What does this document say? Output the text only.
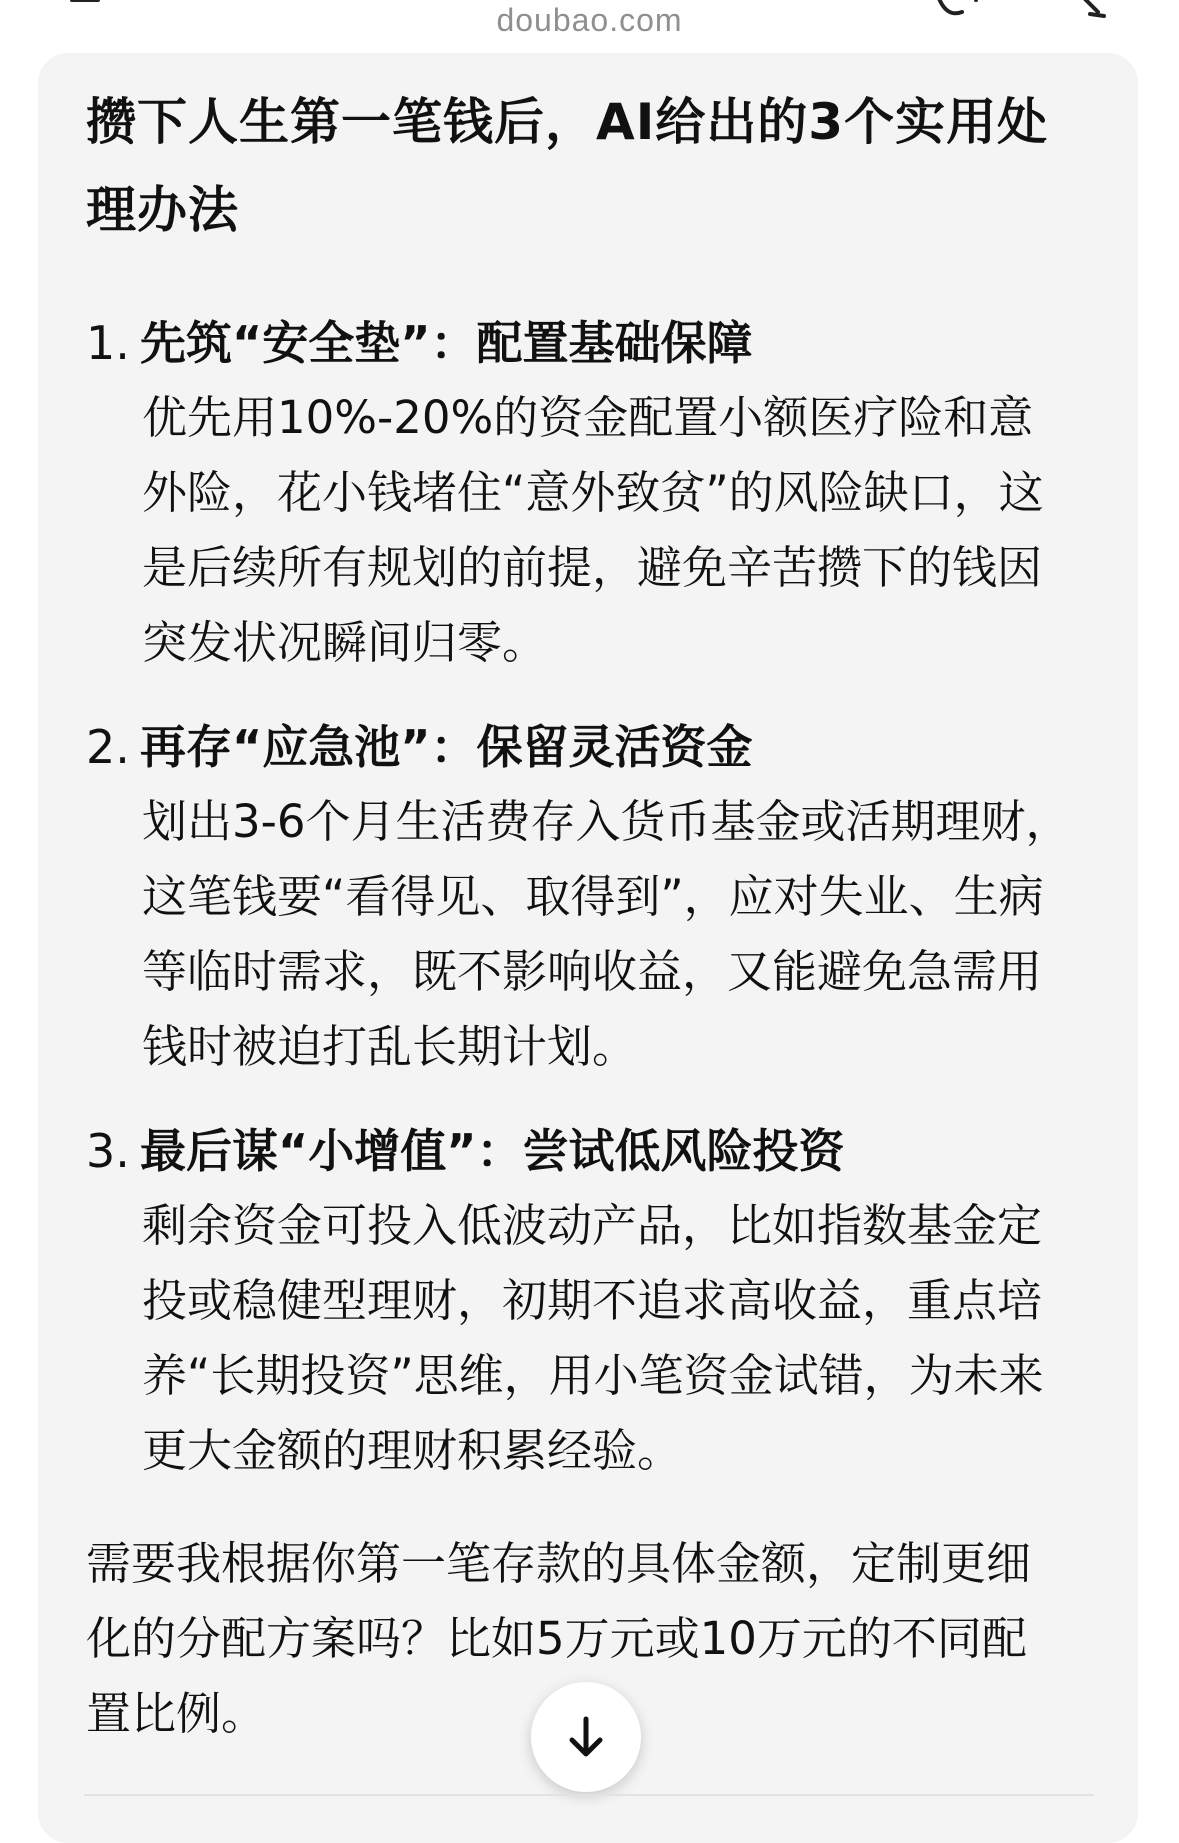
doubao.com
攒下人生第一笔钱后，AI给出的3个实用处理办法
1. 先筑“安全垫”：配置基础保障
优先用10%-20%的资金配置小额医疗险和意外险，花小钱堵住“意外致贫”的风险缺口，这是后续所有规划的前提，避免辛苦攒下的钱因突发状况瞬间归零。
2. 再存“应急池”：保留灵活资金
划出3-6个月生活费存入货币基金或活期理财，这笔钱要“看得见、取得到”，应对失业、生病等临时需求，既不影响收益，又能避免急需用钱时被迫打乱长期计划。
3. 最后谋“小增值”：尝试低风险投资
剩余资金可投入低波动产品，比如指数基金定投或稳健型理财，初期不追求高收益，重点培养“长期投资”思维，用小笔资金试错，为未来更大金额的理财积累经验。
需要我根据你第一笔存款的具体金额，定制更细化的分配方案吗？比如5万元或10万元的不同配置比例。
